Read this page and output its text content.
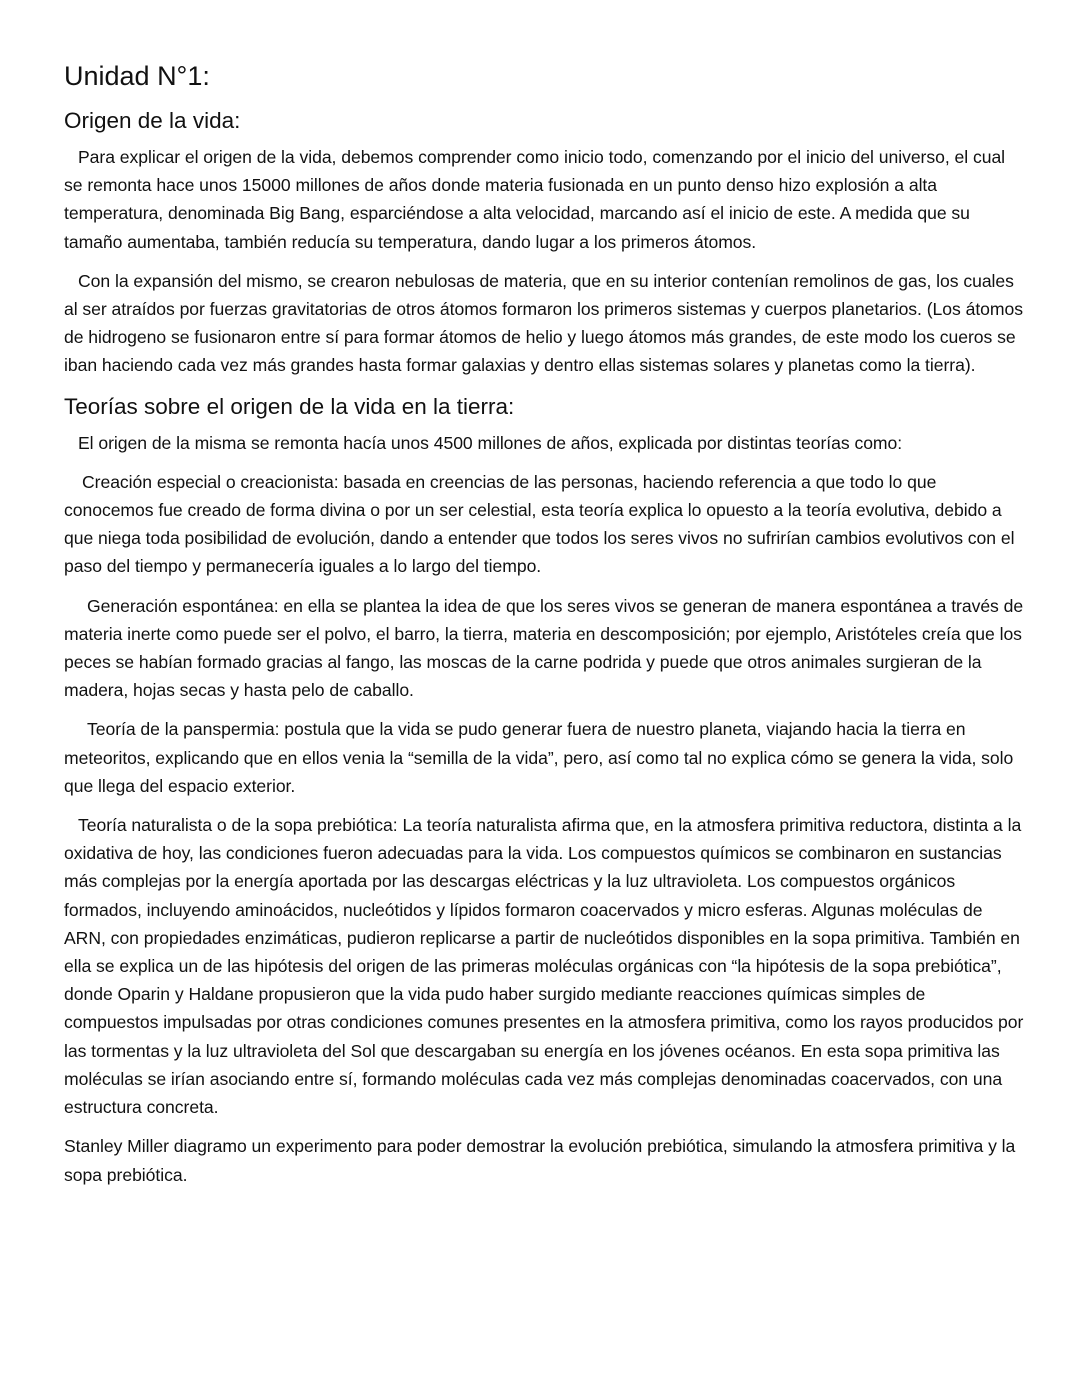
Unidad N°1:
Origen de la vida:

Para explicar el origen de la vida, debemos comprender como inicio todo, comenzando por el inicio del universo, el cual se remonta hace unos 15000 millones de años donde materia fusionada en un punto denso hizo explosión a alta temperatura, denominada Big Bang, esparciéndose a alta velocidad, marcando así el inicio de este. A medida que su tamaño aumentaba, también reducía su temperatura, dando lugar a los primeros átomos.

Con la expansión del mismo, se crearon nebulosas de materia, que en su interior contenían remolinos de gas, los cuales al ser atraídos por fuerzas gravitatorias de otros átomos formaron los primeros sistemas y cuerpos planetarios. (Los átomos de hidrogeno se fusionaron entre sí para formar átomos de helio y luego átomos más grandes, de este modo los cueros se iban haciendo cada vez más grandes hasta formar galaxias y dentro ellas sistemas solares y planetas como la tierra).

Teorías sobre el origen de la vida en la tierra:

El origen de la misma se remonta hacía unos 4500 millones de años, explicada por distintas teorías como:

Creación especial o creacionista: basada en creencias de las personas, haciendo referencia a que todo lo que conocemos fue creado de forma divina o por un ser celestial, esta teoría explica lo opuesto a la teoría evolutiva, debido a que niega toda posibilidad de evolución, dando a entender que todos los seres vivos no sufrirían cambios evolutivos con el paso del tiempo y permanecería iguales a lo largo del tiempo.

Generación espontánea: en ella se plantea la idea de que los seres vivos se generan de manera espontánea a través de materia inerte como puede ser el polvo, el barro, la tierra, materia en descomposición; por ejemplo, Aristóteles creía que los peces se habían formado gracias al fango, las moscas de la carne podrida y puede que otros animales surgieran de la madera, hojas secas y hasta pelo de caballo.

Teoría de la panspermia: postula que la vida se pudo generar fuera de nuestro planeta, viajando hacia la tierra en meteoritos, explicando que en ellos venia la “semilla de la vida”, pero, así como tal no explica cómo se genera la vida, solo que llega del espacio exterior.

Teoría naturalista o de la sopa prebiótica: La teoría naturalista afirma que, en la atmosfera primitiva reductora, distinta a la oxidativa de hoy, las condiciones fueron adecuadas para la vida. Los compuestos químicos se combinaron en sustancias más complejas por la energía aportada por las descargas eléctricas y la luz ultravioleta. Los compuestos orgánicos formados, incluyendo aminoácidos, nucleótidos y lípidos formaron coacervados y micro esferas. Algunas moléculas de ARN, con propiedades enzimáticas, pudieron replicarse a partir de nucleótidos disponibles en la sopa primitiva. También en ella se explica un de las hipótesis del origen de las primeras moléculas orgánicas con “la hipótesis de la sopa prebiótica”, donde Oparin y Haldane propusieron que la vida pudo haber surgido mediante reacciones químicas simples de compuestos impulsadas por otras condiciones comunes presentes en la atmosfera primitiva, como los rayos producidos por las tormentas y la luz ultravioleta del Sol que descargaban su energía en los jóvenes océanos. En esta sopa primitiva las moléculas se irían asociando entre sí, formando moléculas cada vez más complejas denominadas coacervados, con una estructura concreta.

Stanley Miller diagramo un experimento para poder demostrar la evolución prebiótica, simulando la atmosfera primitiva y la sopa prebiótica.
